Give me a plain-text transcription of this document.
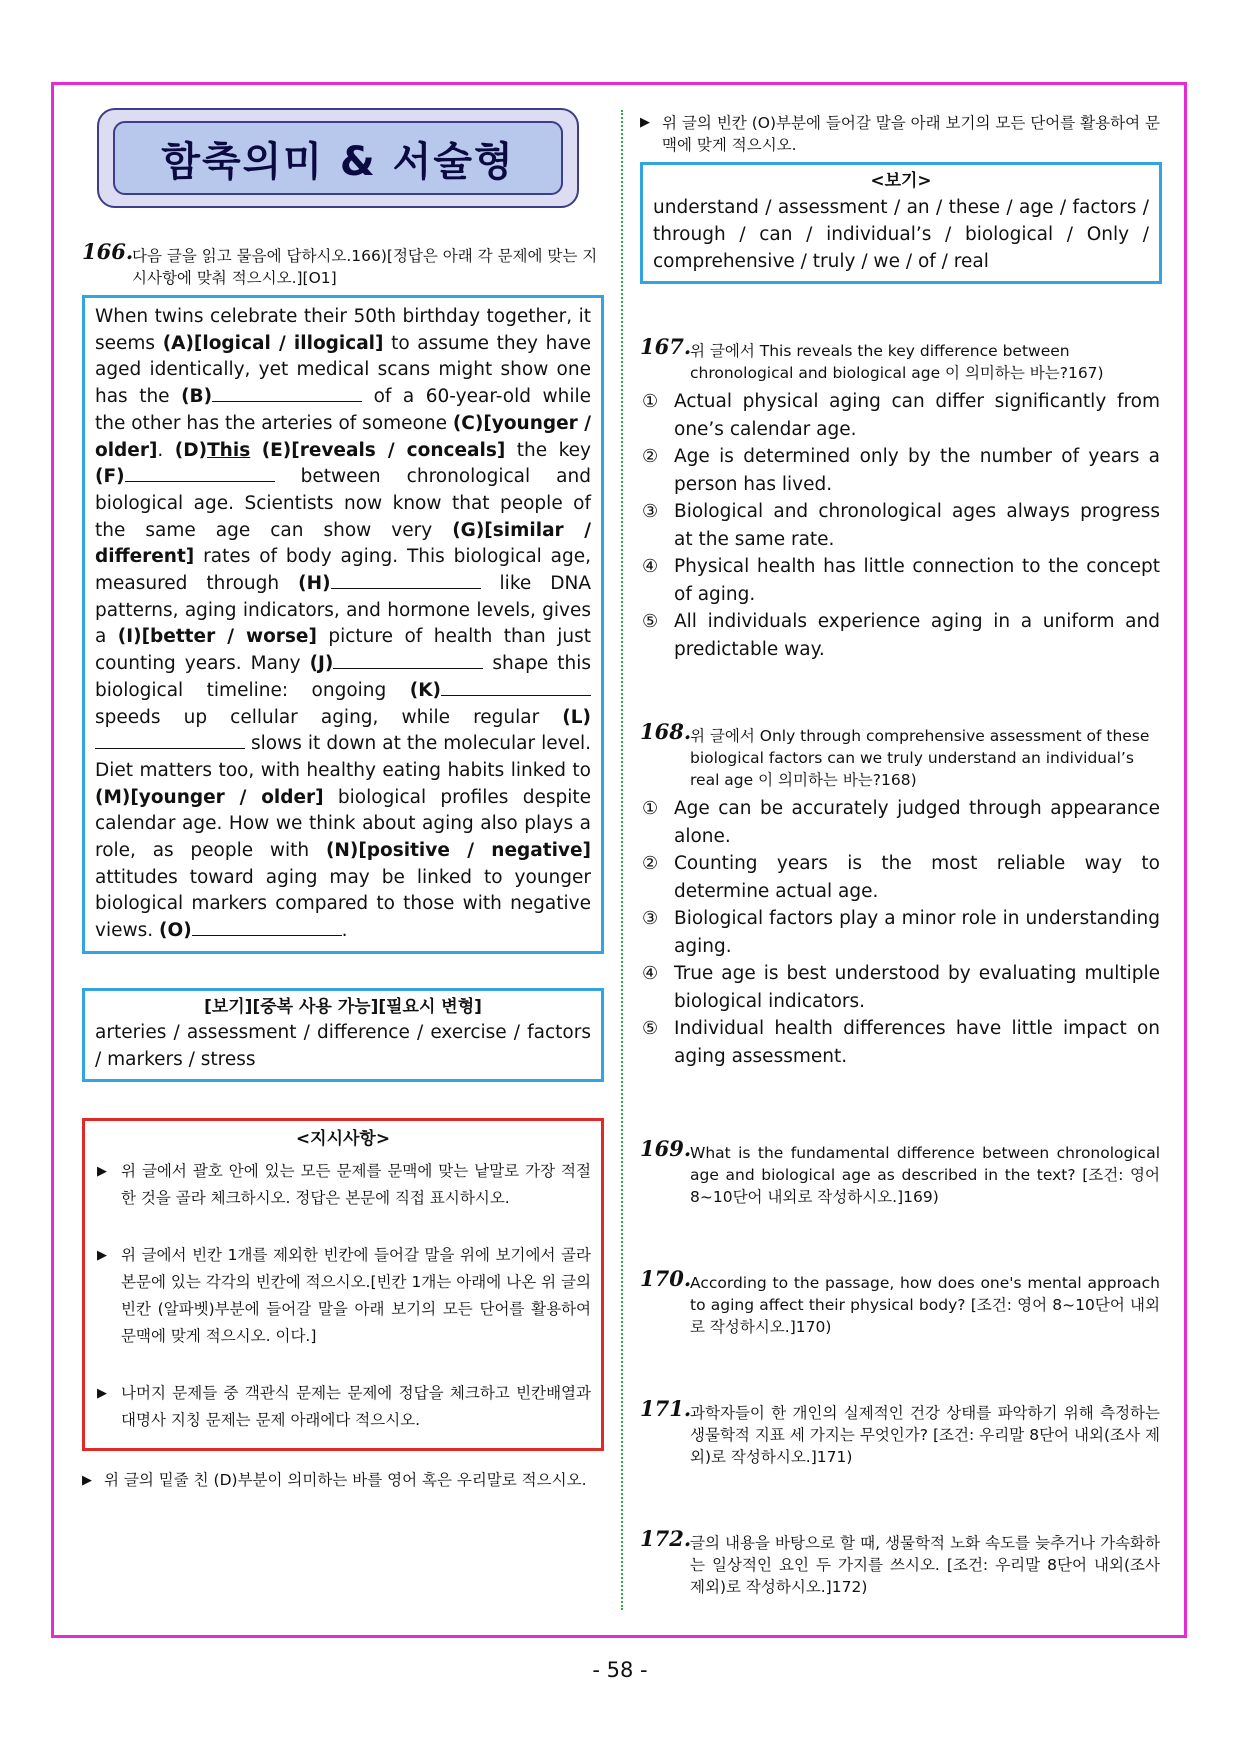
함축의미 & 서술형
166.
다음 글을 읽고 물음에 답하시오.166)[정답은 아래 각 문제에 맞는 지시사항에 맞춰 적으시오.][O1]
When twins celebrate their 50th birthday together, it seems (A)[logical / illogical] to assume they have aged identically, yet medical scans might show one has the (B)	of a 60-year-old while the other has the arteries of someone (C)[younger / older]. (D)This (E)[reveals / conceals] the key (F)	between chronological and biological age. Scientists now know that people of the same age can show very (G)[similar / different] rates of body aging. This biological age, measured through (H)	like DNA patterns, aging indicators, and hormone levels, gives a (I)[better / worse] picture of health than just counting years. Many (J)	shape this biological timeline: ongoing (K) speeds up cellular aging, while regular (L) slows it down at the molecular level. Diet matters too, with healthy eating habits linked to (M)[younger / older] biological profiles despite calendar age. How we think about aging also plays a role, as people with (N)[positive / negative] attitudes toward aging may be linked to younger biological markers compared to those with negative views. (O)	.
[보기][중복 사용 가능][필요시 변형]
arteries / assessment / difference / exercise / factors / markers / stress
<지시사항>
▶ 위 글에서 괄호 안에 있는 모든 문제를 문맥에 맞는 낱말로 가장 적절한 것을 골라 체크하시오. 정답은 본문에 직접 표시하시오.
▶ 위 글에서 빈칸 1개를 제외한 빈칸에 들어갈 말을 위에 보기에서 골라 본문에 있는 각각의 빈칸에 적으시오.[빈칸 1개는 아래에 나온 위 글의 빈칸 (알파벳)부분에 들어갈 말을 아래 보기의 모든 단어를 활용하여 문맥에 맞게 적으시오. 이다.]
▶ 나머지 문제들 중 객관식 문제는 문제에 정답을 체크하고 빈칸배열과 대명사 지칭 문제는 문제 아래에다 적으시오.
▶ 위 글의 밑줄 친 (D)부분이 의미하는 바를 영어 혹은 우리말로 적으시오.
▶ 위 글의 빈칸 (O)부분에 들어갈 말을 아래 보기의 모든 단어를 활용하여 문맥에 맞게 적으시오.
<보기>
understand / assessment / an / these / age / factors / through / can / individual’s / biological / Only / comprehensive / truly / we / of / real
167.
위 글에서 This reveals the key difference between chronological and biological age 이 의미하는 바는?167)
① Actual physical aging can differ significantly from one’s calendar age.
② Age is determined only by the number of years a person has lived.
③ Biological and chronological ages always progress at the same rate.
④ Physical health has little connection to the concept of aging.
⑤ All individuals experience aging in a uniform and predictable way.
168.
위 글에서 Only through comprehensive assessment of these biological factors can we truly understand an individual’s real age 이 의미하는 바는?168)
① Age can be accurately judged through appearance alone.
② Counting years is the most reliable way to determine actual age.
③ Biological factors play a minor role in understanding aging.
④ True age is best understood by evaluating multiple biological indicators.
⑤ Individual health differences have little impact on aging assessment.
169.
What is the fundamental difference between chronological age and biological age as described in the text? [조건: 영어 8~10단어 내외로 작성하시오.]169)
170.
According to the passage, how does one's mental approach to aging affect their physical body? [조건: 영어 8~10단어 내외로 작성하시오.]170)
171.
과학자들이 한 개인의 실제적인 건강 상태를 파악하기 위해 측정하는 생물학적 지표 세 가지는 무엇인가? [조건: 우리말 8단어 내외(조사 제외)로 작성하시오.]171)
172.
글의 내용을 바탕으로 할 때, 생물학적 노화 속도를 늦추거나 가속화하는 일상적인 요인 두 가지를 쓰시오. [조건: 우리말 8단어 내외(조사 제외)로 작성하시오.]172)
- 58 -
